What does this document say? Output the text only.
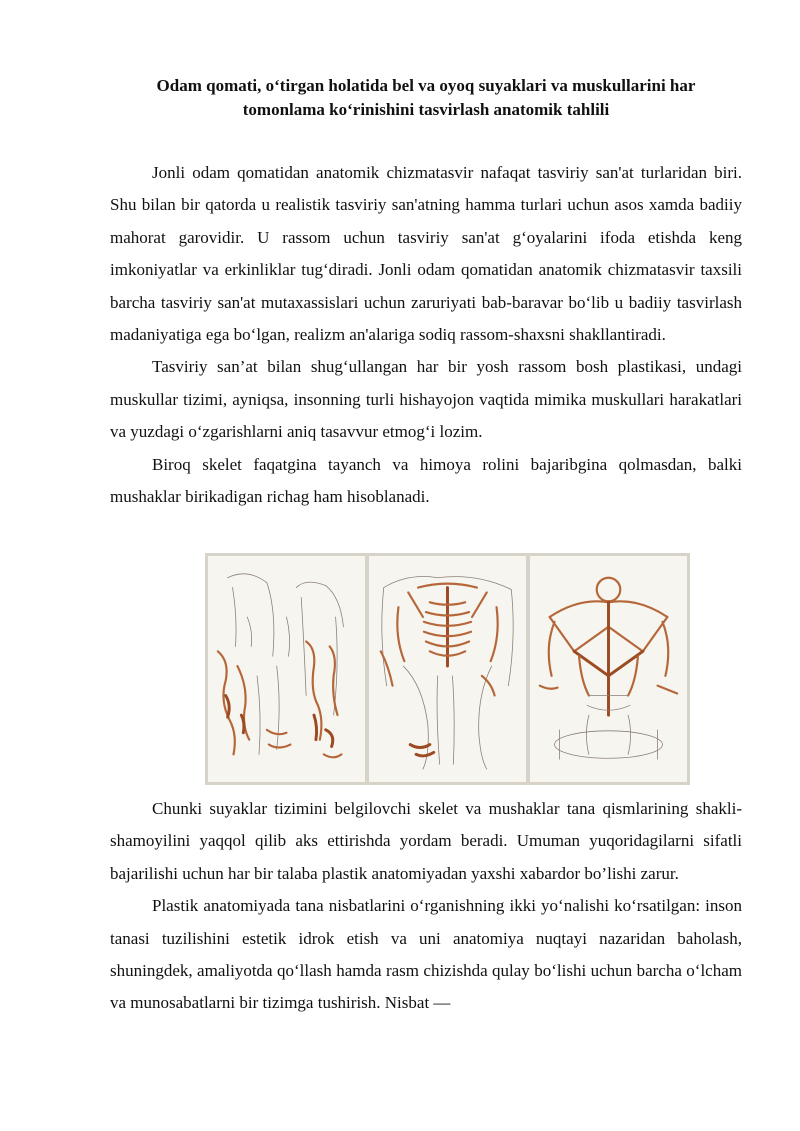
Odam qomati, o‘tirgan holatida bel va oyoq suyaklari va muskullarini har
tomonlama ko‘rinishini tasvirlash anatomik tahlili

Jonli odam qomatidan anatomik chizmatasvir nafaqat tasviriy san'at turlaridan biri. Shu bilan bir qatorda u realistik tasviriy san'atning hamma turlari uchun asos xamda badiiy mahorat garovidir. U rassom uchun tasviriy san'at g‘oyalarini ifoda etishda keng imkoniyatlar va erkinliklar tug‘diradi. Jonli odam qomatidan anatomik chizmatasvir taxsili barcha tasviriy san'at mutaxassislari uchun zaruriyati bab-baravar bo‘lib u badiiy tasvirlash madaniyatiga ega bo‘lgan, realizm an'alariga sodiq rassom-shaxsni shakllantiradi.

Tasviriy san’at bilan shug‘ullangan har bir yosh rassom bosh plastikasi, undagi muskullar tizimi, ayniqsa, insonning turli hishayojon vaqtida mimika muskullari harakatlari va yuzdagi o‘zgarishlarni aniq tasavvur etmog‘i lozim.

Biroq skelet faqatgina tayanch va himoya rolini bajaribgina qolmasdan, balki mushaklar birikadigan richag ham hisoblanadi.

Chunki suyaklar tizimini belgilovchi skelet va mushaklar tana qismlarining shakli-shamoyilini yaqqol qilib aks ettirishda yordam beradi. Umuman yuqoridagilarni sifatli bajarilishi uchun har bir talaba plastik anatomiyadan yaxshi xabardor bo’lishi zarur.

Plastik anatomiyada tana nisbatlarini o‘rganishning ikki yo‘nalishi ko‘rsatilgan: inson tanasi tuzilishini estetik idrok etish va uni anatomiya nuqtayi nazaridan baholash, shuningdek, amaliyotda qo‘llash hamda rasm chizishda qulay bo‘lishi uchun barcha o‘lcham va munosabatlarni bir tizimga tushirish. Nisbat —
